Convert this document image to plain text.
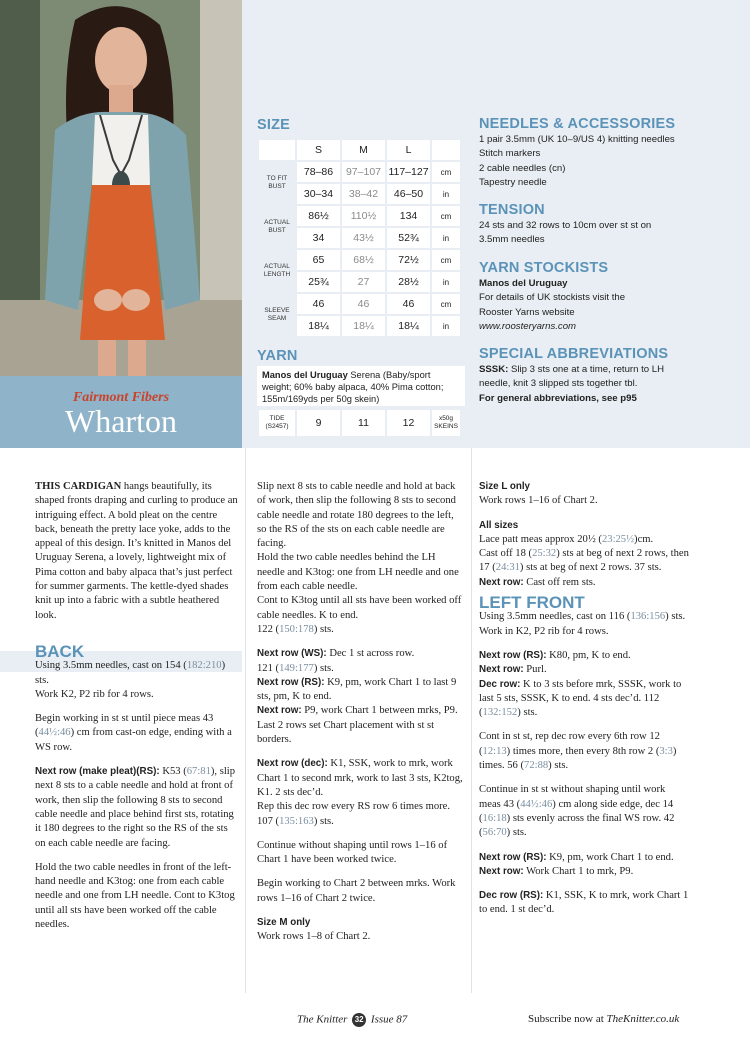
Fairmont Fibers
Wharton
SIZE
	S	M	L	
TO FIT BUST	78–86	97–107	117–127	cm
	30–34	38–42	46–50	in
ACTUAL BUST	86½	110½	134	cm
	34	43½	52¾	in
ACTUAL LENGTH	65	68½	72½	cm
	25¾	27	28½	in
SLEEVE SEAM	46	46	46	cm
	18¼	18¼	18¼	in
YARN
Manos del Uruguay Serena (Baby/sport weight; 60% baby alpaca, 40% Pima cotton; 155m/169yds per 50g skein)
TIDE (S2457)	9	11	12	x50g SKEINS
NEEDLES & ACCESSORIES
1 pair 3.5mm (UK 10–9/US 4) knitting needles
Stitch markers
2 cable needles (cn)
Tapestry needle
TENSION
24 sts and 32 rows to 10cm over st st on 3.5mm needles
YARN STOCKISTS
Manos del Uruguay
For details of UK stockists visit the Rooster Yarns website
www.roosteryarns.com
SPECIAL ABBREVIATIONS
SSSK: Slip 3 sts one at a time, return to LH needle, knit 3 slipped sts together tbl.
For general abbreviations, see p95

THIS CARDIGAN hangs beautifully, its shaped fronts draping and curling to produce an intriguing effect. A bold pleat on the centre back, beneath the pretty lace yoke, adds to the appeal of this design. It’s knitted in Manos del Uruguay Serena, a lovely, lightweight mix of Pima cotton and baby alpaca that’s just perfect for summer garments. The kettle-dyed shades knit up into a fabric with a subtle heathered look.

BACK

Using 3.5mm needles, cast on 154 (182:210) sts.

Work K2, P2 rib for 4 rows.

Begin working in st st until piece meas 43 (44½:46) cm from cast-on edge, ending with a WS row.

Next row (make pleat)(RS): K53 (67:81), slip next 8 sts to a cable needle and hold at front of work, then slip the following 8 sts to second cable needle and place behind first sts, rotating it 180 degrees to the right so the RS of the sts on each cable needle are facing.

Hold the two cable needles in front of the left-hand needle and K3tog: one from each cable needle and one from LH needle. Cont to K3tog until all sts have been worked off the cable needles.

Slip next 8 sts to cable needle and hold at back of work, then slip the following 8 sts to second cable needle and rotate 180 degrees to the left, so the RS of the sts on each cable needle are facing.

Hold the two cable needles behind the LH needle and K3tog: one from LH needle and one from each cable needle.

Cont to K3tog until all sts have been worked off cable needles. K to end.

122 (150:178) sts.

Next row (WS): Dec 1 st across row.

121 (149:177) sts.

Next row (RS): K9, pm, work Chart 1 to last 9 sts, pm, K to end.

Next row: P9, work Chart 1 between mrks, P9.

Last 2 rows set Chart placement with st st borders.

Next row (dec): K1, SSK, work to mrk, work Chart 1 to second mrk, work to last 3 sts, K2tog, K1. 2 sts dec’d.

Rep this dec row every RS row 6 times more. 107 (135:163) sts.

Continue without shaping until rows 1–16 of Chart 1 have been worked twice.

Begin working to Chart 2 between mrks. Work rows 1–16 of Chart 2 twice.

Size M only

Work rows 1–8 of Chart 2.

Size L only

Work rows 1–16 of Chart 2.

All sizes

Lace patt meas approx 20½ (23:25½)cm.

Cast off 18 (25:32) sts at beg of next 2 rows, then 17 (24:31) sts at beg of next 2 rows. 37 sts.

Next row: Cast off rem sts.

LEFT FRONT

Using 3.5mm needles, cast on 116 (136:156) sts.

Work in K2, P2 rib for 4 rows.

Next row (RS): K80, pm, K to end.

Next row: Purl.

Dec row: K to 3 sts before mrk, SSSK, work to last 5 sts, SSSK, K to end. 4 sts dec’d. 112 (132:152) sts.

Cont in st st, rep dec row every 6th row 12 (12:13) times more, then every 8th row 2 (3:3) times. 56 (72:88) sts.

Continue in st st without shaping until work meas 43 (44½:46) cm along side edge, dec 14 (16:18) sts evenly across the final WS row. 42 (56:70) sts.

Next row (RS): K9, pm, work Chart 1 to end.

Next row: Work Chart 1 to mrk, P9.

Dec row (RS): K1, SSK, K to mrk, work Chart 1 to end. 1 st dec’d.

The Knitter 32 Issue 87	Subscribe now at TheKnitter.co.uk
